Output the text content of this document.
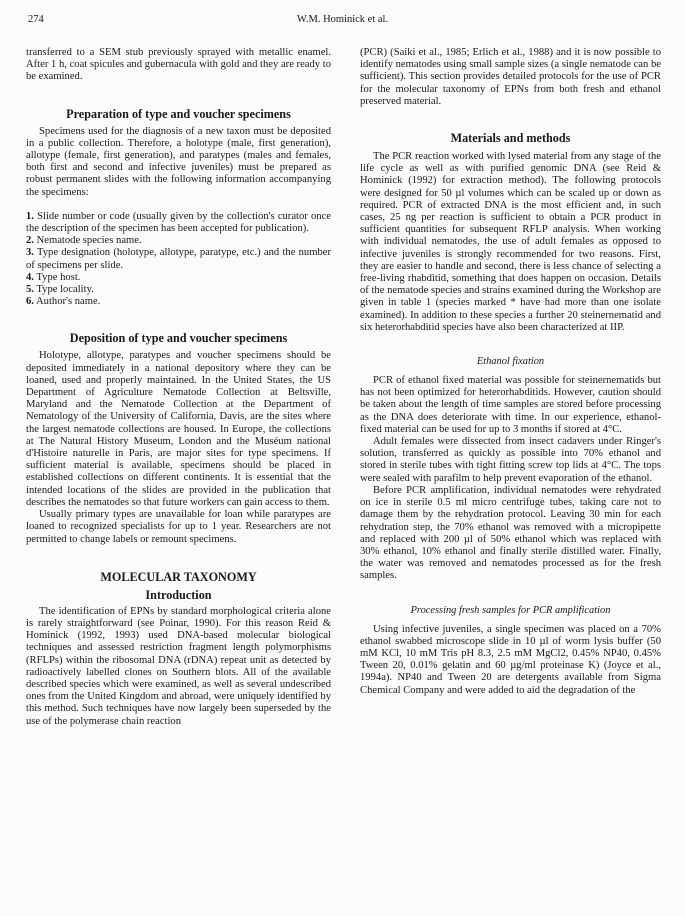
274	W.M. Hominick et al.

transferred to a SEM stub previously sprayed with metallic enamel. After 1 h, coat spicules and gubernacula with gold and they are ready to be examined.

Preparation of type and voucher specimens

Specimens used for the diagnosis of a new taxon must be deposited in a public collection. Therefore, a holotype (male, first generation), allotype (female, first generation), and paratypes (males and females, both first and second and infective juveniles) must be prepared as robust permanent slides with the following information accompanying the specimens:

1. Slide number or code (usually given by the collection's curator once the description of the specimen has been accepted for publication).
2. Nematode species name.
3. Type designation (holotype, allotype, paratype, etc.) and the number of specimens per slide.
4. Type host.
5. Type locality.
6. Author's name.
Deposition of type and voucher specimens

Holotype, allotype, paratypes and voucher specimens should be deposited immediately in a national depository where they can be loaned, used and properly maintained. In the United States, the US Department of Agriculture Nematode Collection at Beltsville, Maryland and the Nematode Collection at the Department of Nematology of the University of California, Davis, are the sites where the largest nematode collections are housed. In Europe, the collections at The Natural History Museum, London and the Muséum national d'Histoire naturelle in Paris, are major sites for type specimens. If sufficient material is available, specimens should be placed in established collections on different continents. It is essential that the intended locations of the slides are provided in the publication that describes the nematodes so that future workers can gain access to them.

Usually primary types are unavailable for loan while paratypes are loaned to recognized specialists for up to 1 year. Researchers are not permitted to change labels or remount specimens.

MOLECULAR TAXONOMY
Introduction

The identification of EPNs by standard morphological criteria alone is rarely straightforward (see Poinar, 1990). For this reason Reid & Hominick (1992, 1993) used DNA-based molecular biological techniques and assessed restriction fragment length polymorphisms (RFLPs) within the ribosomal DNA (rDNA) repeat unit as detected by radioactively labelled clones on Southern blots. All of the available described species which were examined, as well as several undescribed ones from the United Kingdom and abroad, were uniquely identified by this method. Such techniques have now largely been superseded by the use of the polymerase chain reaction

(PCR) (Saiki et al., 1985; Erlich et al., 1988) and it is now possible to identify nematodes using small sample sizes (a single nematode can be sufficient). This section provides detailed protocols for the use of PCR for the molecular taxonomy of EPNs from both fresh and ethanol preserved material.

Materials and methods

The PCR reaction worked with lysed material from any stage of the life cycle as well as with purified genomic DNA (see Reid & Hominick (1992) for extraction method). The following protocols were designed for 50 µl volumes which can be scaled up or down as required. PCR of extracted DNA is the most efficient and, in such cases, 25 ng per reaction is sufficient to obtain a PCR product in sufficient quantities for subsequent RFLP analysis. When working with individual nematodes, the use of adult females as opposed to infective juveniles is strongly recommended for two reasons. First, they are easier to handle and second, there is less chance of selecting a free-living rhabditid, something that does happen on occasion. Details of the nematode species and strains examined during the Workshop are given in table 1 (species marked * have had more than one isolate examined). In addition to these species a further 20 steinernematid and six heterorhabditid species have also been characterized at IIP.

Ethanol fixation

PCR of ethanol fixed material was possible for steinernematids but has not been optimized for heterorhabditids. However, caution should be taken about the length of time samples are stored before processing as the DNA does deteriorate with time. In our experience, ethanol-fixed material can be used for up to 3 months if stored at 4°C.

Adult females were dissected from insect cadavers under Ringer's solution, transferred as quickly as possible into 70% ethanol and stored in sterile tubes with tight fitting screw top lids at 4°C. The tops were sealed with parafilm to help prevent evaporation of the ethanol.

Before PCR amplification, individual nematodes were rehydrated on ice in sterile 0.5 ml micro centrifuge tubes, taking care not to damage them by the rehydration protocol. Leaving 30 min for each rehydration step, the 70% ethanol was removed with a micropipette and replaced with 200 µl of 50% ethanol which was replaced with 30% ethanol, 10% ethanol and finally sterile distilled water. Finally, the water was removed and nematodes processed as for the fresh samples.

Processing fresh samples for PCR amplification

Using infective juveniles, a single specimen was placed on a 70% ethanol swabbed microscope slide in 10 µl of worm lysis buffer (50 mM KCl, 10 mM Tris pH 8.3, 2.5 mM MgCl2, 0.45% NP40, 0.45% Tween 20, 0.01% gelatin and 60 µg/ml proteinase K) (Joyce et al., 1994a). NP40 and Tween 20 are detergents available from Sigma Chemical Company and were added to aid the degradation of the
